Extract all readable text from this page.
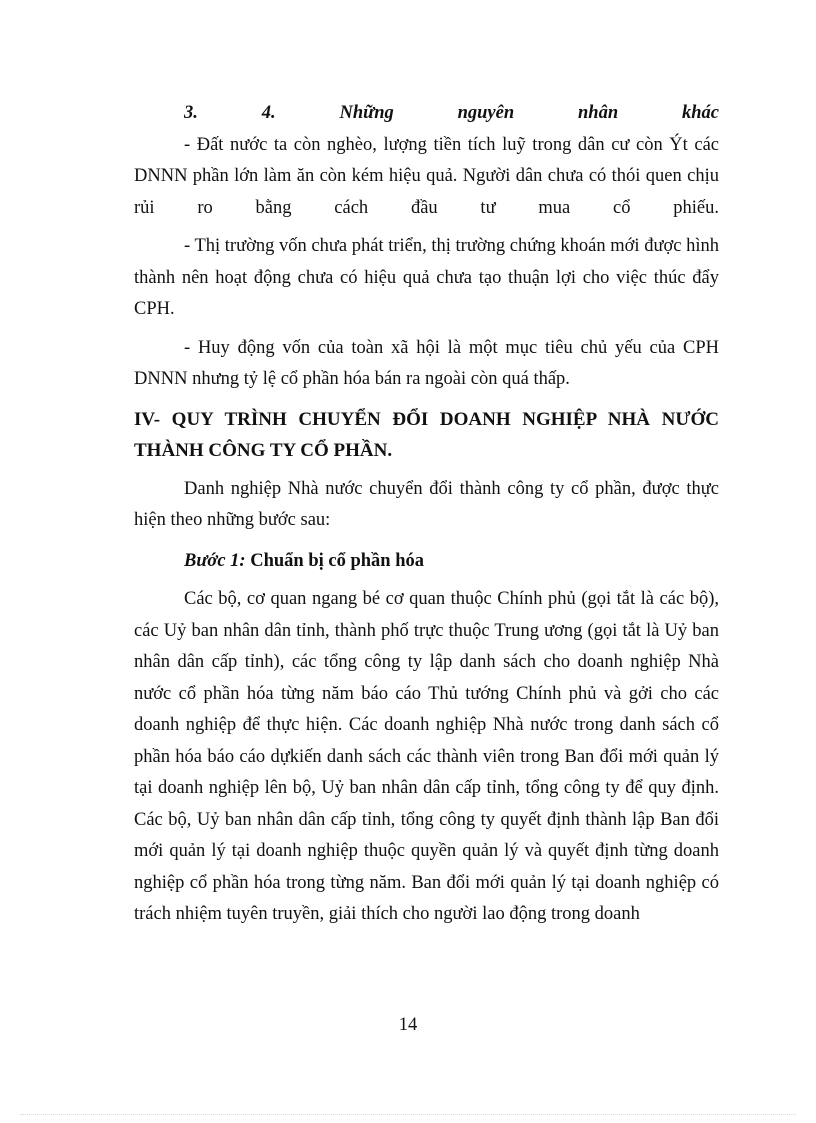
3.	4.	Những	nguyên	nhân	khác

- Đất nước ta còn nghèo, lượng tiền tích luỹ trong dân cư còn Ýt các DNNN phần lớn làm ăn còn kém hiệu quả. Người dân chưa có thói quen chịu rủi ro bằng cách đầu tư mua cổ phiếu.

- Thị trường vốn chưa phát triển, thị trường chứng khoán mới được hình thành nên hoạt động chưa có hiệu quả chưa tạo thuận lợi cho việc thúc đẩy CPH.

- Huy động vốn của toàn xã hội là một mục tiêu chủ yếu của CPH DNNN nhưng tỷ lệ cổ phần hóa bán ra ngoài còn quá thấp.

IV- QUY TRÌNH CHUYỂN ĐỔI DOANH NGHIỆP NHÀ NƯỚC
THÀNH CÔNG TY CỔ PHẦN.

Danh nghiệp Nhà nước chuyển đổi thành công ty cổ phần, được thực hiện theo những bước sau:

Bước 1: Chuẩn bị cổ phần hóa

Các bộ, cơ quan ngang bé cơ quan thuộc Chính phủ (gọi tắt là các bộ), các Uỷ ban nhân dân tỉnh, thành phố trực thuộc Trung ương (gọi tắt là Uỷ ban nhân dân cấp tỉnh), các tổng công ty lập danh sách cho doanh nghiệp Nhà nước cổ phần hóa từng năm báo cáo Thủ tướng Chính phủ và gởi cho các doanh nghiệp để thực hiện. Các doanh nghiệp Nhà nước trong danh sách cổ phần hóa báo cáo dựkiến danh sách các thành viên trong Ban đổi mới quản lý tại doanh nghiệp lên bộ, Uỷ ban nhân dân cấp tỉnh, tổng công ty để quy định. Các bộ, Uỷ ban nhân dân cấp tỉnh, tổng công ty quyết định thành lập Ban đổi mới quản lý tại doanh nghiệp thuộc quyền quản lý và quyết định từng doanh nghiệp cổ phần hóa trong từng năm. Ban đổi mới quản lý tại doanh nghiệp có trách nhiệm tuyên truyền, giải thích cho người lao động trong doanh

14
